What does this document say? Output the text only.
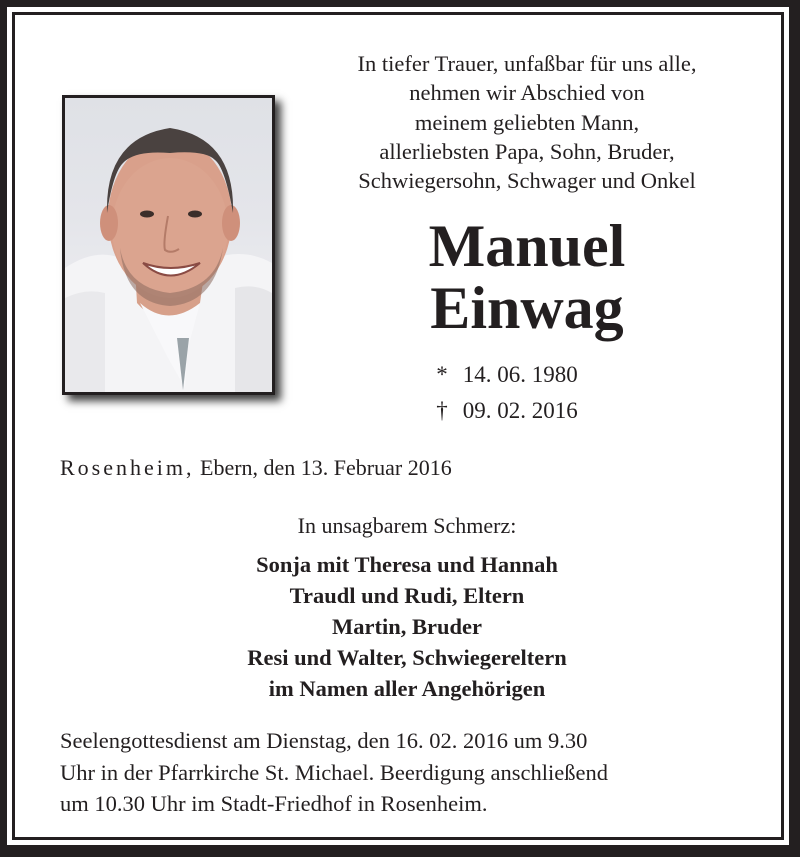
In tiefer Trauer, unfaßbar für uns alle,
nehmen wir Abschied von
meinem geliebten Mann,
allerliebsten Papa, Sohn, Bruder,
Schwiegersohn, Schwager und Onkel
Manuel
Einwag
* 14. 06. 1980
† 09. 02. 2016
Rosenheim, Ebern, den 13. Februar 2016
In unsagbarem Schmerz:
Sonja mit Theresa und Hannah
Traudl und Rudi, Eltern
Martin, Bruder
Resi und Walter, Schwiegereltern
im Namen aller Angehörigen
Seelengottesdienst am Dienstag, den 16. 02. 2016 um 9.30
Uhr in der Pfarrkirche St. Michael. Beerdigung anschließend
um 10.30 Uhr im Stadt-Friedhof in Rosenheim.
